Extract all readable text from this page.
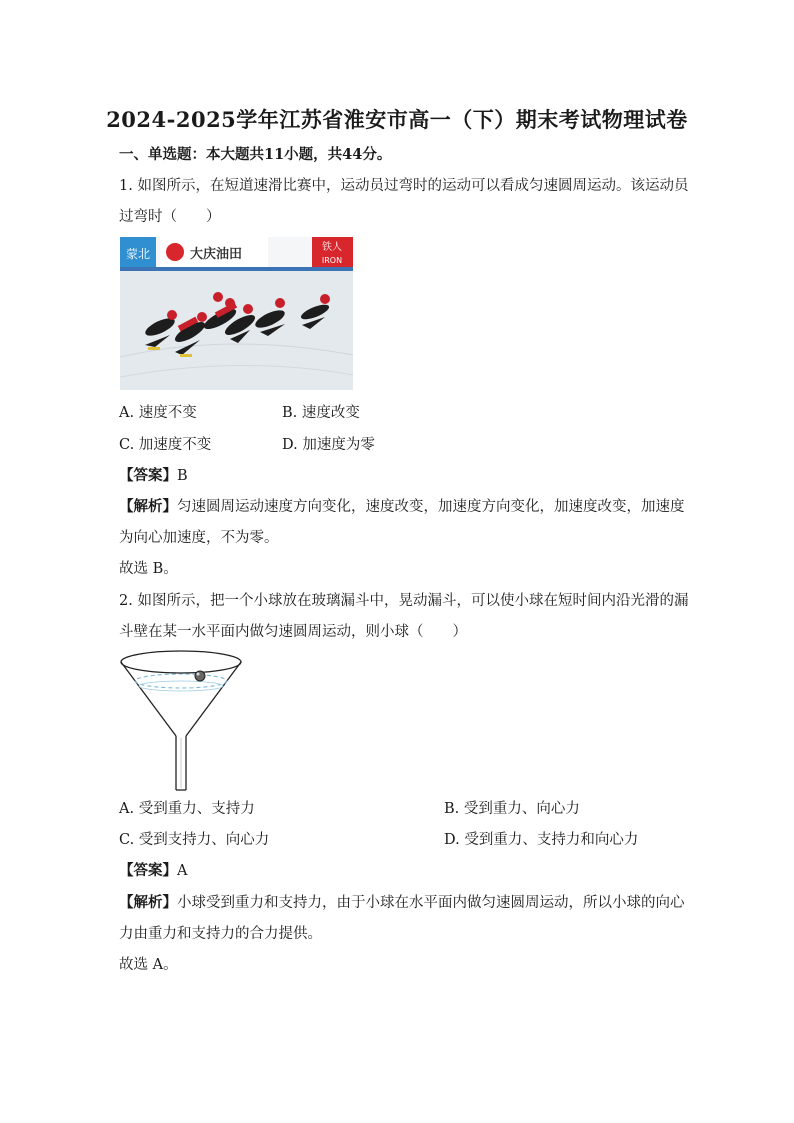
2024-2025学年江苏省淮安市高一（下）期末考试物理试卷
一、单选题：本大题共11小题，共44分。
1. 如图所示，在短道速滑比赛中，运动员过弯时的运动可以看成匀速圆周运动。该运动员
过弯时（　　）
蒙北	大庆油田	铁人
IRON
A. 速度不变	B. 速度改变
C. 加速度不变	D. 加速度为零
【答案】B
【解析】匀速圆周运动速度方向变化，速度改变，加速度方向变化，加速度改变，加速度
为向心加速度，不为零。
故选 B。
2. 如图所示，把一个小球放在玻璃漏斗中，晃动漏斗，可以使小球在短时间内沿光滑的漏
斗壁在某一水平面内做匀速圆周运动，则小球（　　）
A. 受到重力、支持力	B. 受到重力、向心力
C. 受到支持力、向心力	D. 受到重力、支持力和向心力
【答案】A
【解析】小球受到重力和支持力，由于小球在水平面内做匀速圆周运动，所以小球的向心
力由重力和支持力的合力提供。
故选 A。
